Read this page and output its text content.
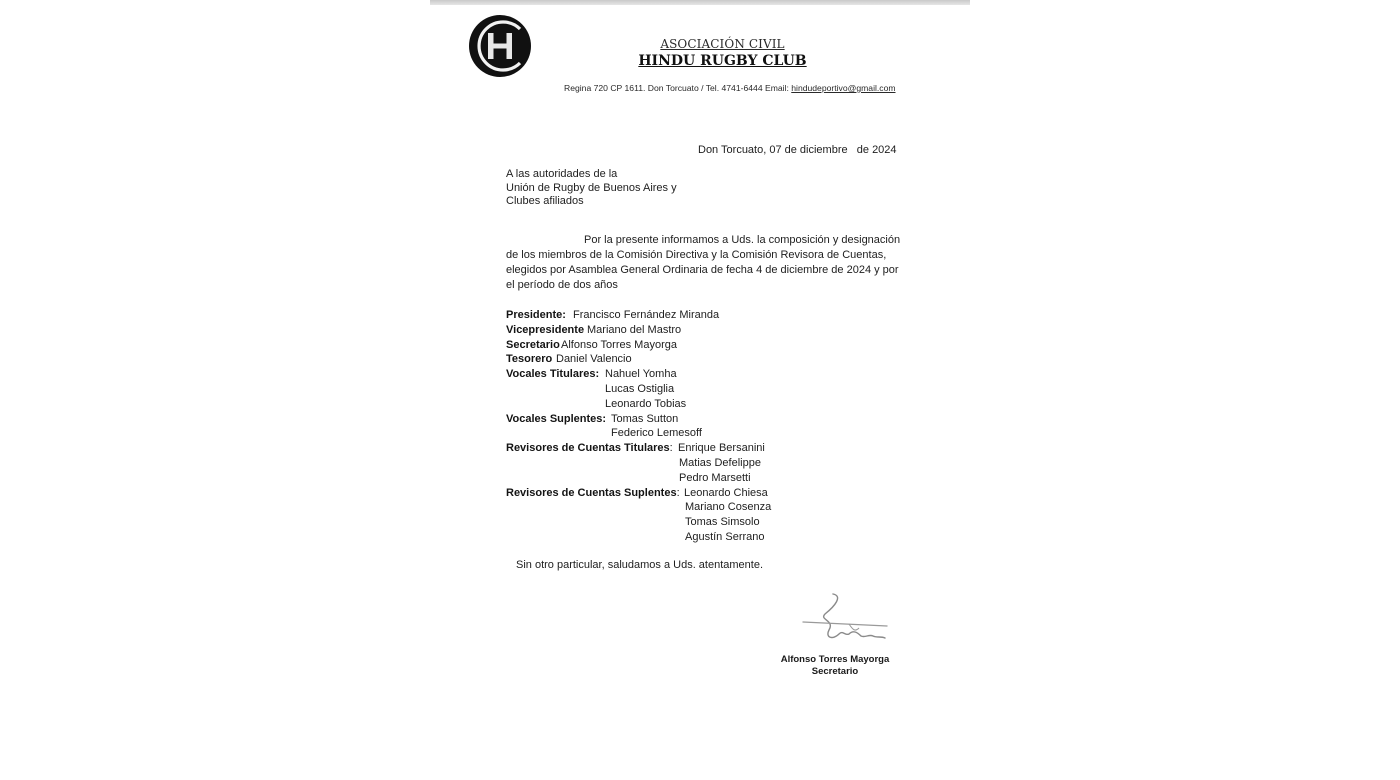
ASOCIACIÓN CIVIL
HINDU RUGBY CLUB
Regina 720 CP 1611. Don Torcuato / Tel. 4741-6444 Email: hindudeportivo@gmail.com
Don Torcuato, 07 de diciembre   de 2024
A las autoridades de la
Unión de Rugby de Buenos Aires y
Clubes afiliados
Por la presente informamos a Uds. la composición y designación de los miembros de la Comisión Directiva y la Comisión Revisora de Cuentas, elegidos por Asamblea General Ordinaria de fecha 4 de diciembre de 2024 y por el período de dos años
Presidente: Francisco Fernández Miranda
Vicepresidente Mariano del Mastro
Secretario Alfonso Torres Mayorga
Tesorero Daniel Valencio
Vocales Titulares: Nahuel Yomha
Lucas Ostiglia
Leonardo Tobias
Vocales Suplentes: Tomas Sutton
Federico Lemesoff
Revisores de Cuentas Titulares: Enrique Bersanini
Matias Defelippe
Pedro Marsetti
Revisores de Cuentas Suplentes: Leonardo Chiesa
Mariano Cosenza
Tomas Simsolo
Agustín Serrano
Sin otro particular, saludamos a Uds. atentamente.
Alfonso Torres Mayorga
Secretario
